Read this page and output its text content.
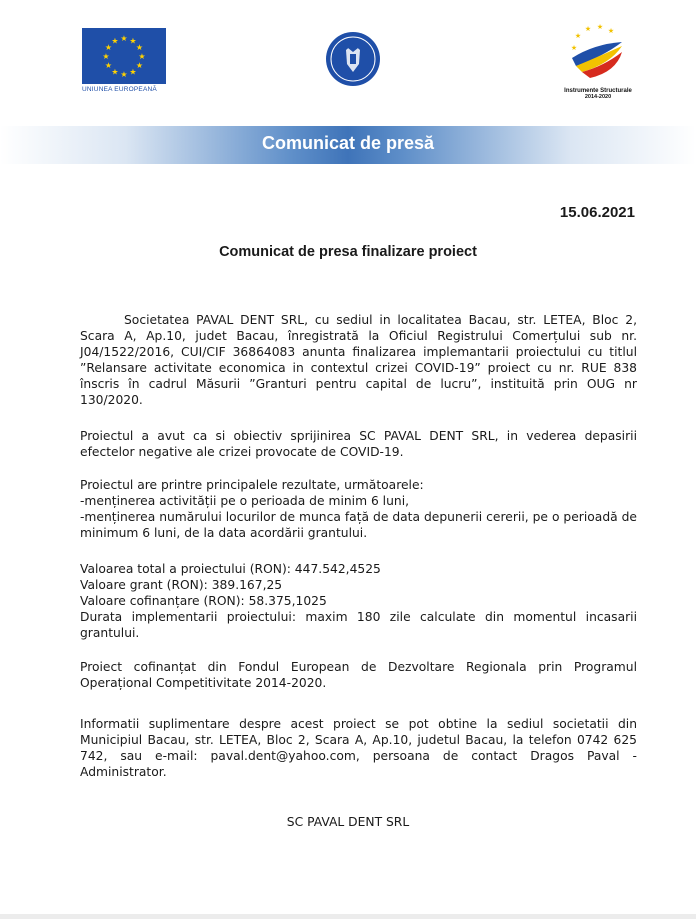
★ ★
★
★
★
★
★
★
★
★
★
★
UNIUNEA EUROPEANĂ
★
★ ★ ★
★
Instrumente Structurale
2014-2020
Comunicat de presă
15.06.2021
Comunicat de presa finalizare proiect
Societatea PAVAL DENT SRL, cu sediul in localitatea Bacau, str. LETEA, Bloc 2, Scara A, Ap.10, judet Bacau, înregistrată la Oficiul Registrului Comerțului sub nr. J04/1522/2016, CUI/CIF 36864083 anunta finalizarea implemantarii proiectului cu titlul ”Relansare activitate economica in contextul crizei COVID-19” proiect cu nr. RUE 838 înscris în cadrul Măsurii ”Granturi pentru capital de lucru”, instituită prin OUG nr 130/2020.
Proiectul a avut ca si obiectiv sprijinirea SC PAVAL DENT SRL, in vederea depasirii efectelor negative ale crizei provocate de COVID-19.
Proiectul are printre principalele rezultate, următoarele:
-menținerea activității pe o perioada de minim 6 luni,
-menținerea numărului locurilor de munca față de data depunerii cererii, pe o perioadă de minimum 6 luni, de la data acordării grantului.
Valoarea total a proiectului (RON): 447.542,4525
Valoare grant (RON): 389.167,25
Valoare cofinanțare (RON): 58.375,1025
Durata implementarii proiectului: maxim 180 zile calculate din momentul incasarii grantului.
Proiect cofinanțat din Fondul European de Dezvoltare Regionala prin Programul Operațional Competitivitate 2014-2020.
Informatii suplimentare despre acest proiect se pot obtine la sediul societatii din Municipiul Bacau, str. LETEA, Bloc 2, Scara A, Ap.10, judetul Bacau, la telefon 0742 625 742, sau e-mail: paval.dent@yahoo.com, persoana de contact Dragos Paval - Administrator.
SC PAVAL DENT SRL
